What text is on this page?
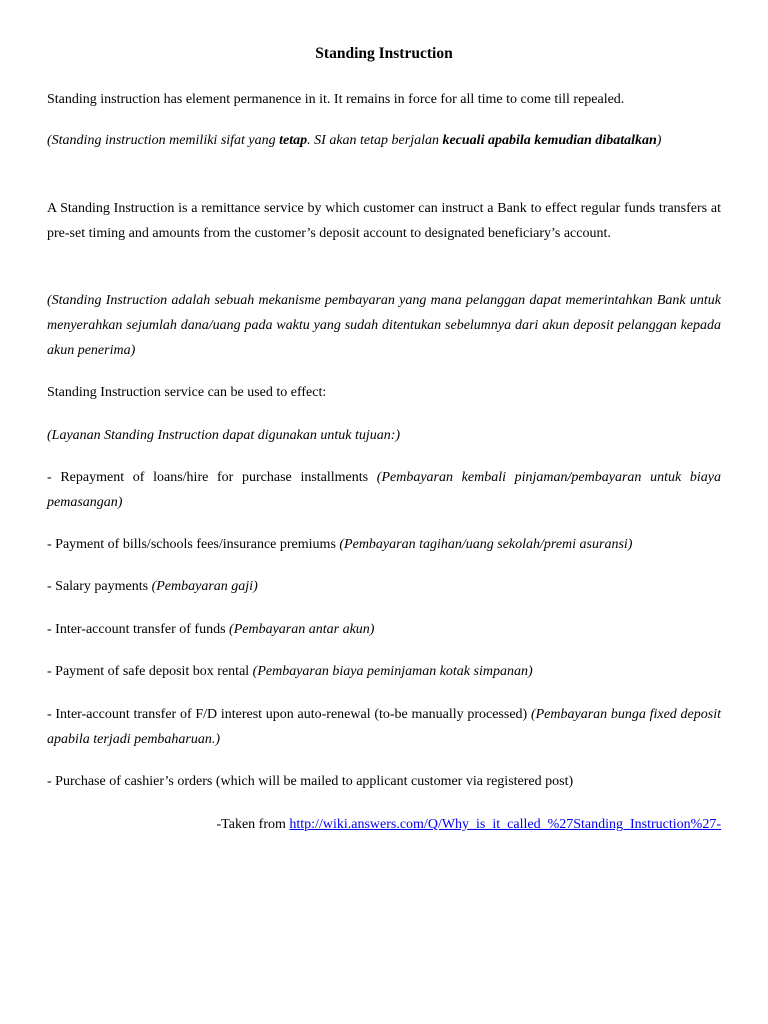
Standing Instruction

Standing instruction has element permanence in it. It remains in force for all time to come till repealed.

(Standing instruction memiliki sifat yang tetap. SI akan tetap berjalan kecuali apabila kemudian dibatalkan)

A Standing Instruction is a remittance service by which customer can instruct a Bank to effect regular funds transfers at pre-set timing and amounts from the customer’s deposit account to designated beneficiary’s account.

(Standing Instruction adalah sebuah mekanisme pembayaran yang mana pelanggan dapat memerintahkan Bank untuk menyerahkan sejumlah dana/uang pada waktu yang sudah ditentukan sebelumnya dari akun deposit pelanggan kepada akun penerima)

Standing Instruction service can be used to effect:

(Layanan Standing Instruction dapat digunakan untuk tujuan:)

- Repayment of loans/hire for purchase installments (Pembayaran kembali pinjaman/pembayaran untuk biaya pemasangan)

- Payment of bills/schools fees/insurance premiums (Pembayaran tagihan/uang sekolah/premi asuransi)

- Salary payments (Pembayaran gaji)

- Inter-account transfer of funds (Pembayaran antar akun)

- Payment of safe deposit box rental (Pembayaran biaya peminjaman kotak simpanan)

- Inter-account transfer of F/D interest upon auto-renewal (to-be manually processed) (Pembayaran bunga fixed deposit apabila terjadi pembaharuan.)

- Purchase of cashier’s orders (which will be mailed to applicant customer via registered post)

-Taken from http://wiki.answers.com/Q/Why_is_it_called_%27Standing_Instruction%27-
